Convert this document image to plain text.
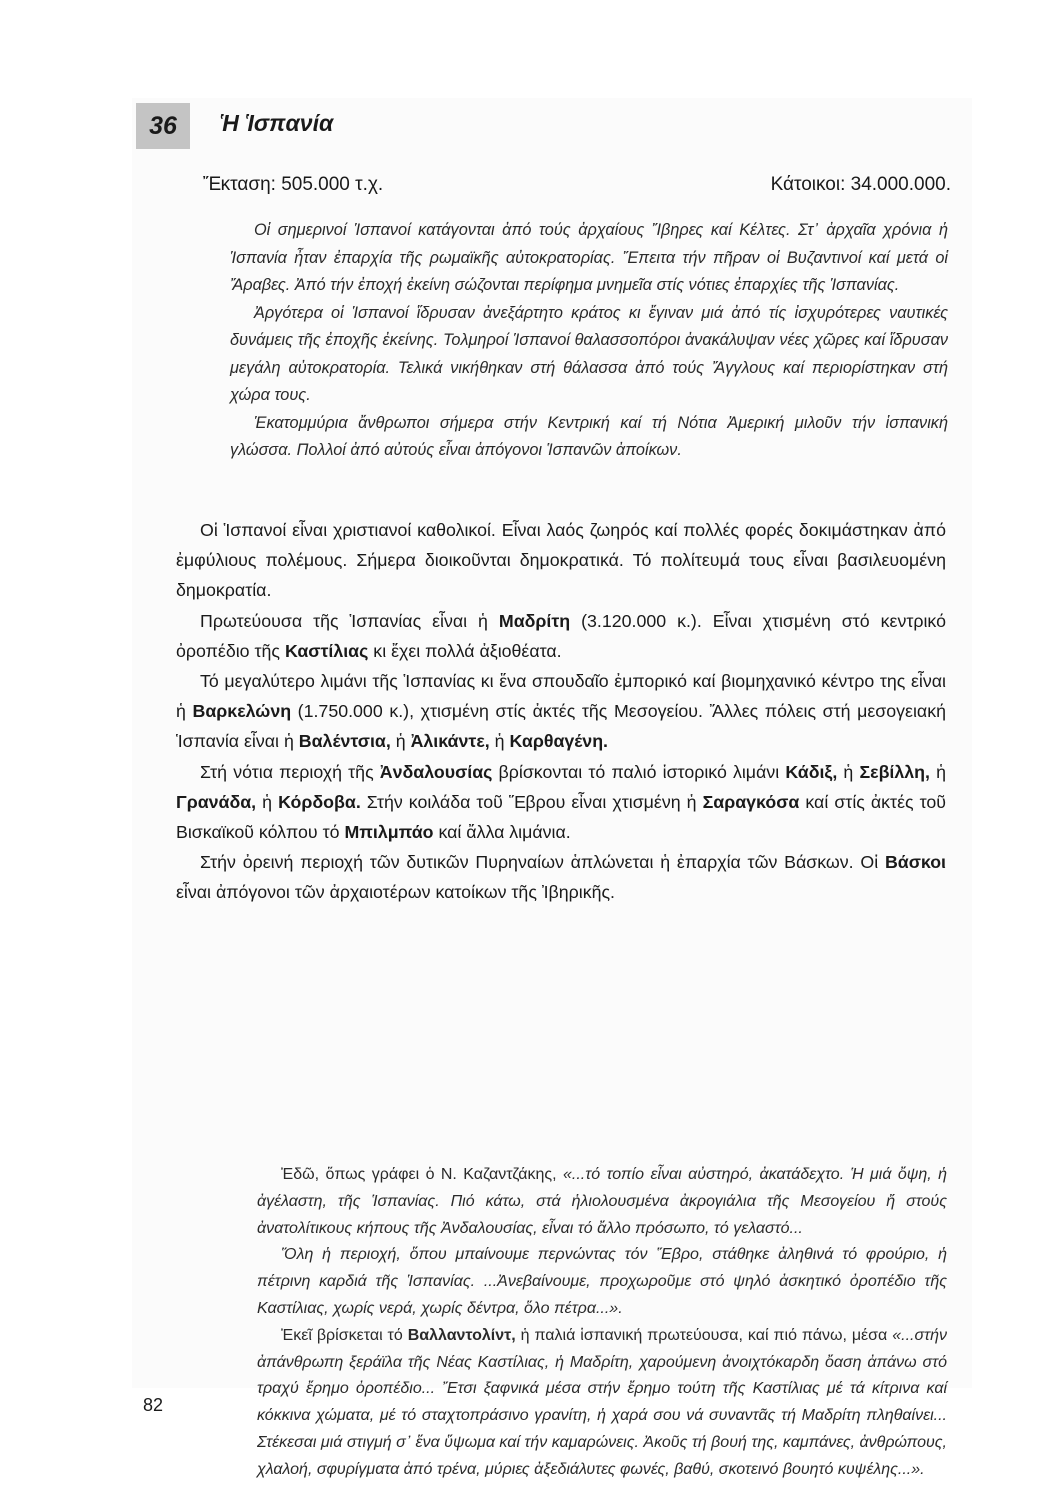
36	Ἡ Ἱσπανία
Ἔκταση: 505.000 τ.χ.	Κάτοικοι: 34.000.000.

Οἱ σημερινοί Ἱσπανοί κατάγονται ἀπό τούς ἀρχαίους Ἴβηρες καί Κέλτες. Στ᾿ ἀρχαῖα χρόνια ἡ Ἱσπανία ἦταν ἐπαρχία τῆς ρωμαϊκῆς αὐτοκρατορίας. Ἔπειτα τήν πῆραν οἱ Βυζαντινοί καί μετά οἱ Ἄραβες. Ἀπό τήν ἐποχή ἐκείνη σώζονται περίφημα μνημεῖα στίς νότιες ἐπαρχίες τῆς Ἱσπανίας.

Ἀργότερα οἱ Ἱσπανοί ἵδρυσαν ἀνεξάρτητο κράτος κι ἔγιναν μιά ἀπό τίς ἰσχυρότερες ναυτικές δυνάμεις τῆς ἐποχῆς ἐκείνης. Τολμηροί Ἱσπανοί θαλασσοπόροι ἀνακάλυψαν νέες χῶρες καί ἵδρυσαν μεγάλη αὐτοκρατορία. Τελικά νικήθηκαν στή θάλασσα ἀπό τούς Ἄγγλους καί περιορίστηκαν στή χώρα τους.

Ἑκατομμύρια ἄνθρωποι σήμερα στήν Κεντρική καί τή Νότια Ἀμερική μιλοῦν τήν ἱσπανική γλώσσα. Πολλοί ἀπό αὐτούς εἶναι ἀπόγονοι Ἱσπανῶν ἀποίκων.

Οἱ Ἱσπανοί εἶναι χριστιανοί καθολικοί. Εἶναι λαός ζωηρός καί πολλές φορές δοκιμάστηκαν ἀπό ἐμφύλιους πολέμους. Σήμερα διοικοῦνται δημοκρατικά. Τό πολίτευμά τους εἶναι βασιλευομένη δημοκρατία.

Πρωτεύουσα τῆς Ἱσπανίας εἶναι ἡ Μαδρίτη (3.120.000 κ.). Εἶναι χτισμένη στό κεντρικό ὀροπέδιο τῆς Καστίλιας κι ἔχει πολλά ἀξιοθέατα.

Τό μεγαλύτερο λιμάνι τῆς Ἱσπανίας κι ἕνα σπουδαῖο ἐμπορικό καί βιομηχανικό κέντρο της εἶναι ἡ Βαρκελώνη (1.750.000 κ.), χτισμένη στίς ἀκτές τῆς Μεσογείου. Ἄλλες πόλεις στή μεσογειακή Ἱσπανία εἶναι ἡ Βαλέντσια, ἡ Ἀλικάντε, ἡ Καρθαγένη.

Στή νότια περιοχή τῆς Ἀνδαλουσίας βρίσκονται τό παλιό ἱστορικό λιμάνι Κάδιξ, ἡ Σεβίλλη, ἡ Γρανάδα, ἡ Κόρδοβα. Στήν κοιλάδα τοῦ Ἕβρου εἶναι χτισμένη ἡ Σαραγκόσα καί στίς ἀκτές τοῦ Βισκαϊκοῦ κόλπου τό Μπιλμπάο καί ἄλλα λιμάνια.

Στήν ὀρεινή περιοχή τῶν δυτικῶν Πυρηναίων ἁπλώνεται ἡ ἐπαρχία τῶν Βάσκων. Οἱ Βάσκοι εἶναι ἀπόγονοι τῶν ἀρχαιοτέρων κατοίκων τῆς Ἰβηρικῆς.

Ἐδῶ, ὅπως γράφει ὁ Ν. Καζαντζάκης, «...τό τοπίο εἶναι αὐστηρό, ἀκατάδεχτο. Ἡ μιά ὄψη, ἡ ἀγέλαστη, τῆς Ἱσπανίας. Πιό κάτω, στά ἡλιολουσμένα ἀκρογιάλια τῆς Μεσογείου ἤ στούς ἀνατολίτικους κήπους τῆς Ἀνδαλουσίας, εἶναι τό ἄλλο πρόσωπο, τό γελαστό...

Ὅλη ἡ περιοχή, ὅπου μπαίνουμε περνώντας τόν Ἕβρο, στάθηκε ἀληθινά τό φρούριο, ἡ πέτρινη καρδιά τῆς Ἱσπανίας. ...Ἀνεβαίνουμε, προχωροῦμε στό ψηλό ἀσκητικό ὀροπέδιο τῆς Καστίλιας, χωρίς νερά, χωρίς δέντρα, ὅλο πέτρα...».

Ἐκεῖ βρίσκεται τό Βαλλαντολίντ, ἡ παλιά ἱσπανική πρωτεύουσα, καί πιό πάνω, μέσα «...στήν ἀπάνθρωπη ξεράϊλα τῆς Νέας Καστίλιας, ἡ Μαδρίτη, χαρούμενη ἀνοιχτόκαρδη ὄαση ἀπάνω στό τραχύ ἔρημο ὀροπέδιο... Ἔτσι ξαφνικά μέσα στήν ἔρημο τούτη τῆς Καστίλιας μέ τά κίτρινα καί κόκκινα χώματα, μέ τό σταχτοπράσινο γρανίτη, ἡ χαρά σου νά συναντᾶς τή Μαδρίτη πληθαίνει... Στέκεσαι μιά στιγμή σ᾿ ἕνα ὕψωμα καί τήν καμαρώνεις. Ἀκοῦς τή βουή της, καμπάνες, ἀνθρώπους, χλαλοή, σφυρίγματα ἀπό τρένα, μύριες ἀξεδιάλυτες φωνές, βαθύ, σκοτεινό βουητό κυψέλης...».

82
